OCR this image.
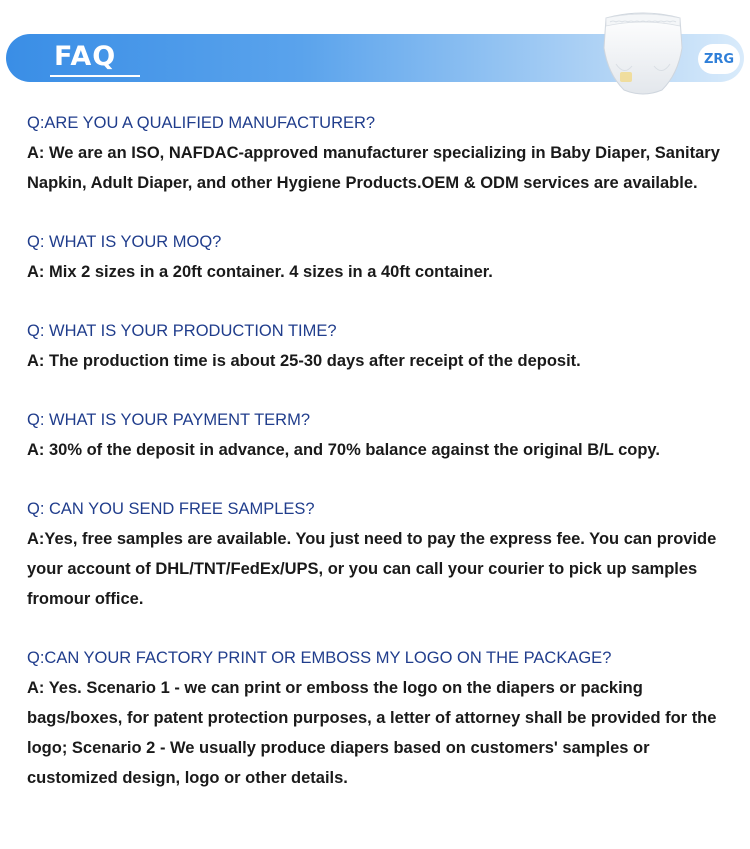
FAQ	ZRG

Q:ARE YOU A QUALIFIED MANUFACTURER?

A: We are an ISO, NAFDAC-approved manufacturer specializing in Baby Diaper, Sanitary Napkin, Adult Diaper, and other Hygiene Products.OEM & ODM services are available.

Q: WHAT IS YOUR MOQ?

A: Mix 2 sizes in a 20ft container. 4 sizes in a 40ft container.

Q: WHAT IS YOUR PRODUCTION TIME?

A: The production time is about 25-30 days after receipt of the deposit.

Q: WHAT IS YOUR PAYMENT TERM?

A: 30% of the deposit in advance, and 70% balance against the original B/L copy.

Q: CAN YOU SEND FREE SAMPLES?

A:Yes, free samples are available. You just need to pay the express fee. You can provide your account of DHL/TNT/FedEx/UPS, or you can call your courier to pick up samples fromour office.

Q:CAN YOUR FACTORY PRINT OR EMBOSS MY LOGO ON THE PACKAGE?

A: Yes. Scenario 1 - we can print or emboss the logo on the diapers or packing bags/boxes, for patent protection purposes, a letter of attorney shall be provided for the logo; Scenario 2 - We usually produce diapers based on customers' samples or customized design, logo or other details.
